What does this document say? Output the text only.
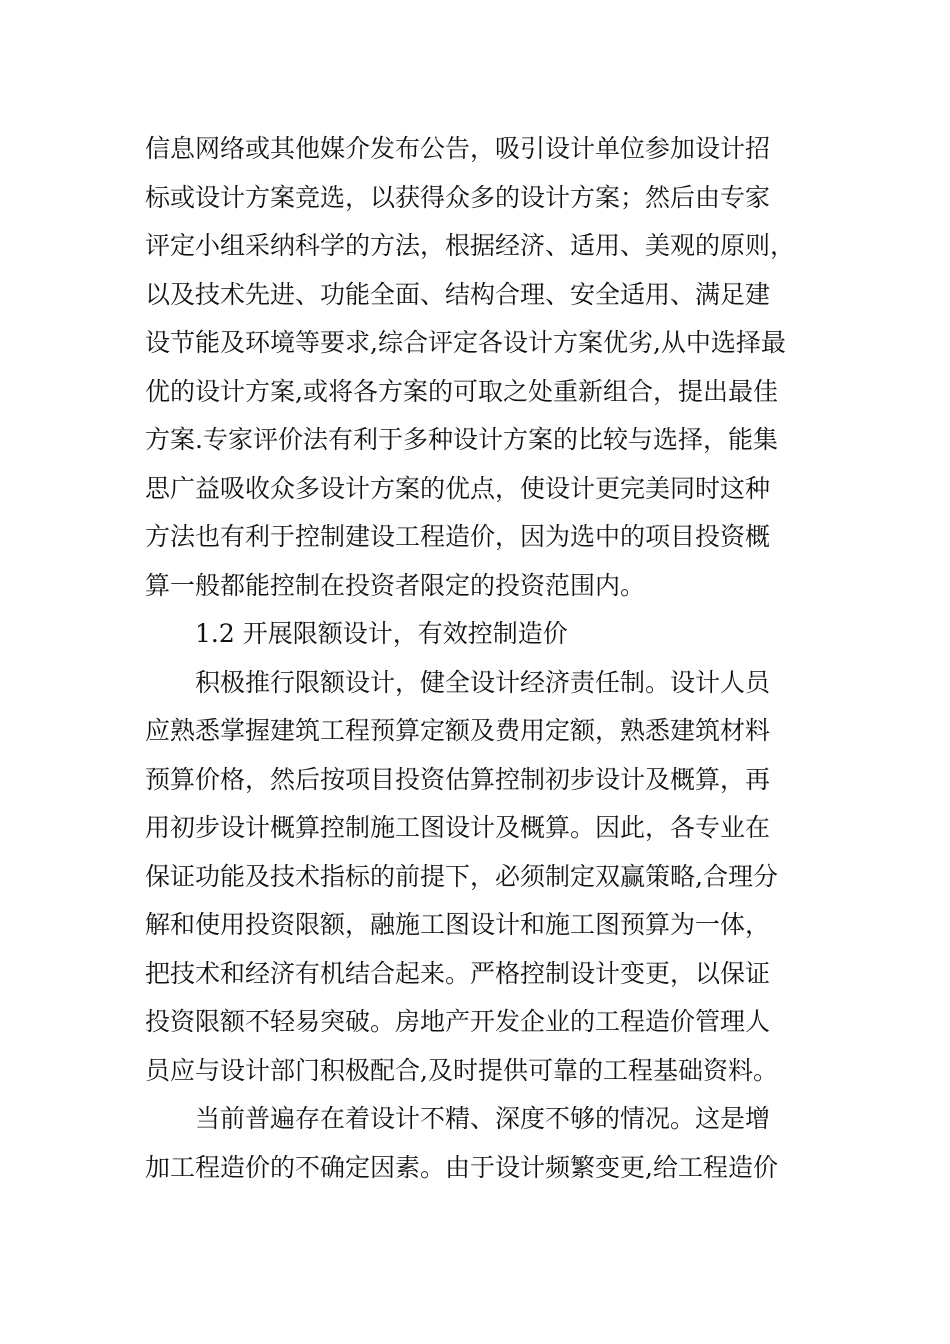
信息网络或其他媒介发布公告，吸引设计单位参加设计招
标或设计方案竞选，以获得众多的设计方案；然后由专家
评定小组采纳科学的方法，根据经济、适用、美观的原则，
以及技术先进、功能全面、结构合理、安全适用、满足建
设节能及环境等要求,综合评定各设计方案优劣,从中选择最
优的设计方案,或将各方案的可取之处重新组合，提出最佳
方案.专家评价法有利于多种设计方案的比较与选择，能集
思广益吸收众多设计方案的优点，使设计更完美同时这种
方法也有利于控制建设工程造价，因为选中的项目投资概
算一般都能控制在投资者限定的投资范围内。
1.2 开展限额设计，有效控制造价
积极推行限额设计，健全设计经济责任制。设计人员
应熟悉掌握建筑工程预算定额及费用定额，熟悉建筑材料
预算价格，然后按项目投资估算控制初步设计及概算，再
用初步设计概算控制施工图设计及概算。因此，各专业在
保证功能及技术指标的前提下，必须制定双赢策略,合理分
解和使用投资限额，融施工图设计和施工图预算为一体，
把技术和经济有机结合起来。严格控制设计变更，以保证
投资限额不轻易突破。房地产开发企业的工程造价管理人
员应与设计部门积极配合,及时提供可靠的工程基础资料。
当前普遍存在着设计不精、深度不够的情况。这是增
加工程造价的不确定因素。由于设计频繁变更,给工程造价
